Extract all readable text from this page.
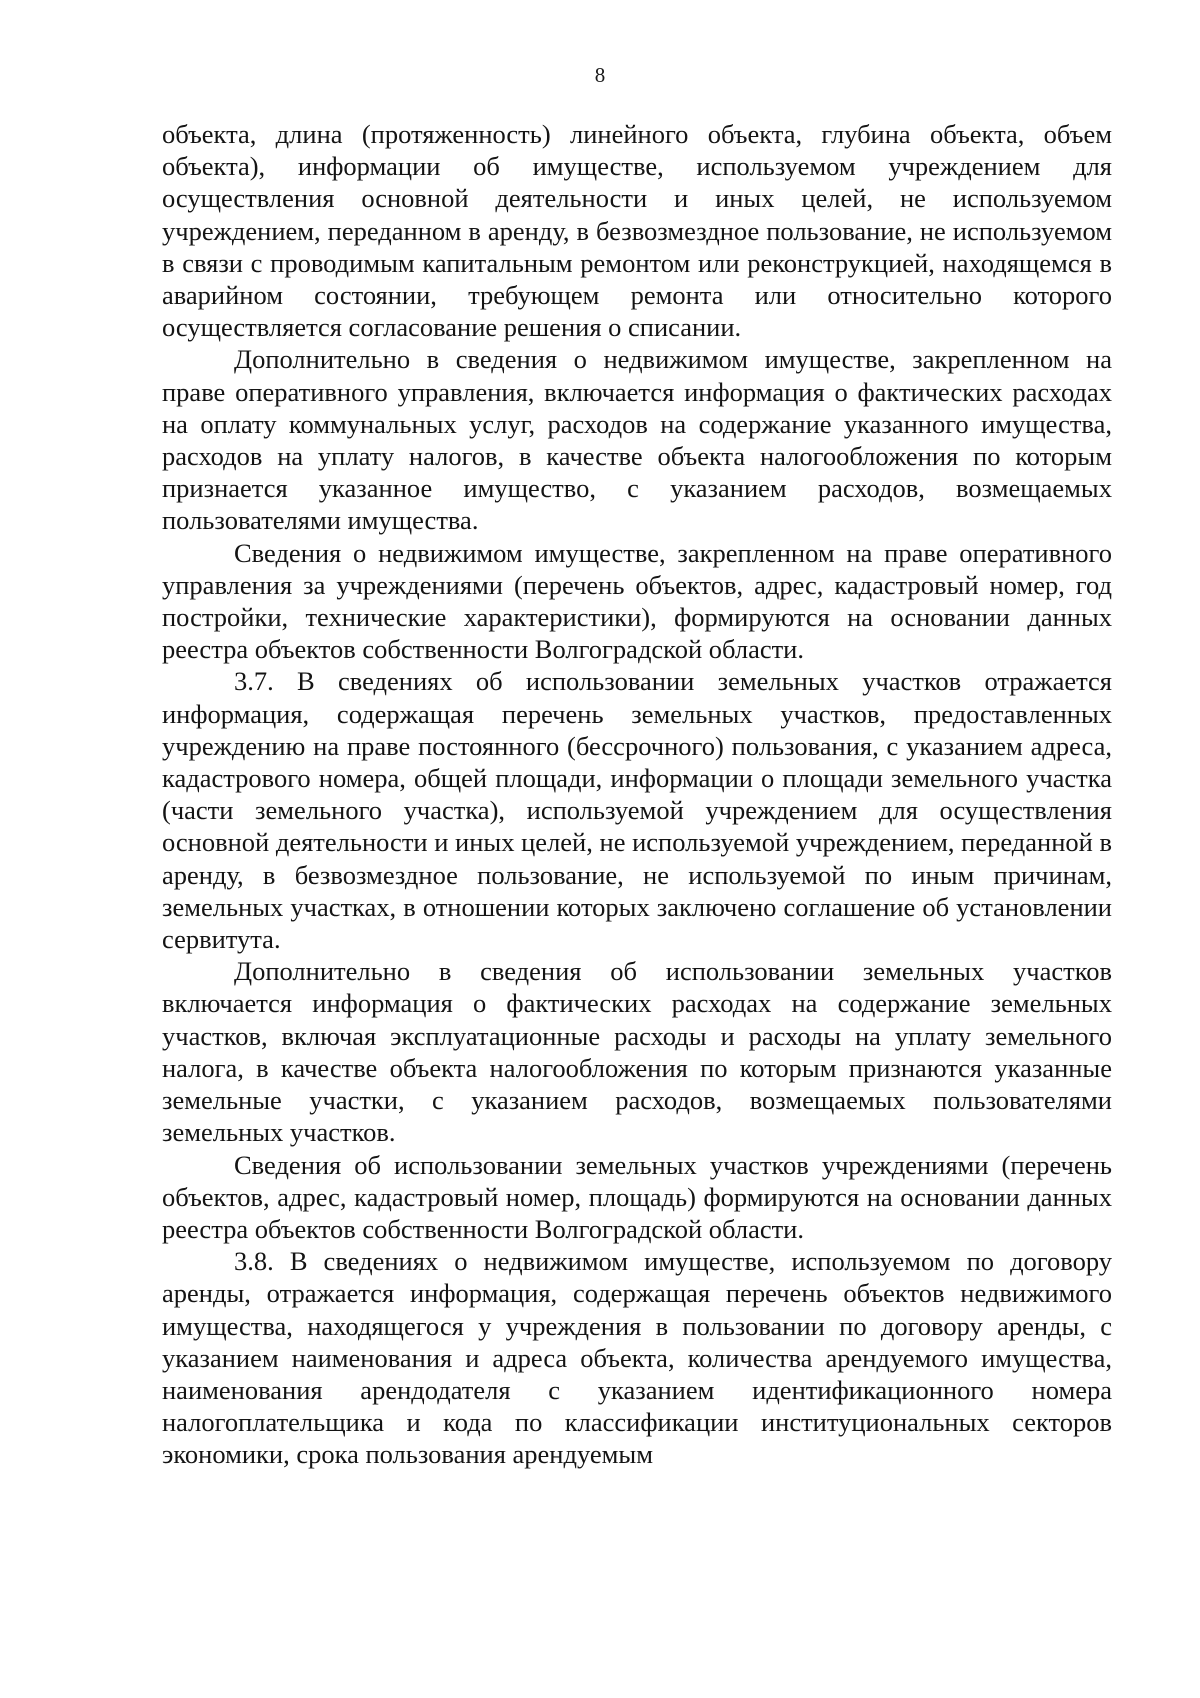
8

объекта, длина (протяженность) линейного объекта, глубина объекта, объем объекта), информации об имуществе, используемом учреждением для осуществления основной деятельности и иных целей, не используемом учреждением, переданном в аренду, в безвозмездное пользование, не используемом в связи с проводимым капитальным ремонтом или реконструкцией, находящемся в аварийном состоянии, требующем ремонта или относительно которого осуществляется согласование решения о списании.

Дополнительно в сведения о недвижимом имуществе, закрепленном на праве оперативного управления, включается информация о фактических расходах на оплату коммунальных услуг, расходов на содержание указанного имущества, расходов на уплату налогов, в качестве объекта налогообложения по которым признается указанное имущество, с указанием расходов, возмещаемых пользователями имущества.

Сведения о недвижимом имуществе, закрепленном на праве оперативного управления за учреждениями (перечень объектов, адрес, кадастровый номер, год постройки, технические характеристики), формируются на основании данных реестра объектов собственности Волгоградской области.

3.7. В сведениях об использовании земельных участков отражается информация, содержащая перечень земельных участков, предоставленных учреждению на праве постоянного (бессрочного) пользования, с указанием адреса, кадастрового номера, общей площади, информации о площади земельного участка (части земельного участка), используемой учреждением для осуществления основной деятельности и иных целей, не используемой учреждением, переданной в аренду, в безвозмездное пользование, не используемой по иным причинам, земельных участках, в отношении которых заключено соглашение об установлении сервитута.

Дополнительно в сведения об использовании земельных участков включается информация о фактических расходах на содержание земельных участков, включая эксплуатационные расходы и расходы на уплату земельного налога, в качестве объекта налогообложения по которым признаются указанные земельные участки, с указанием расходов, возмещаемых пользователями земельных участков.

Сведения об использовании земельных участков учреждениями (перечень объектов, адрес, кадастровый номер, площадь) формируются на основании данных реестра объектов собственности Волгоградской области.

3.8. В сведениях о недвижимом имуществе, используемом по договору аренды, отражается информация, содержащая перечень объектов недвижимого имущества, находящегося у учреждения в пользовании по договору аренды, с указанием наименования и адреса объекта, количества арендуемого имущества, наименования арендодателя с указанием идентификационного номера налогоплательщика и кода по классификации институциональных секторов экономики, срока пользования арендуемым
